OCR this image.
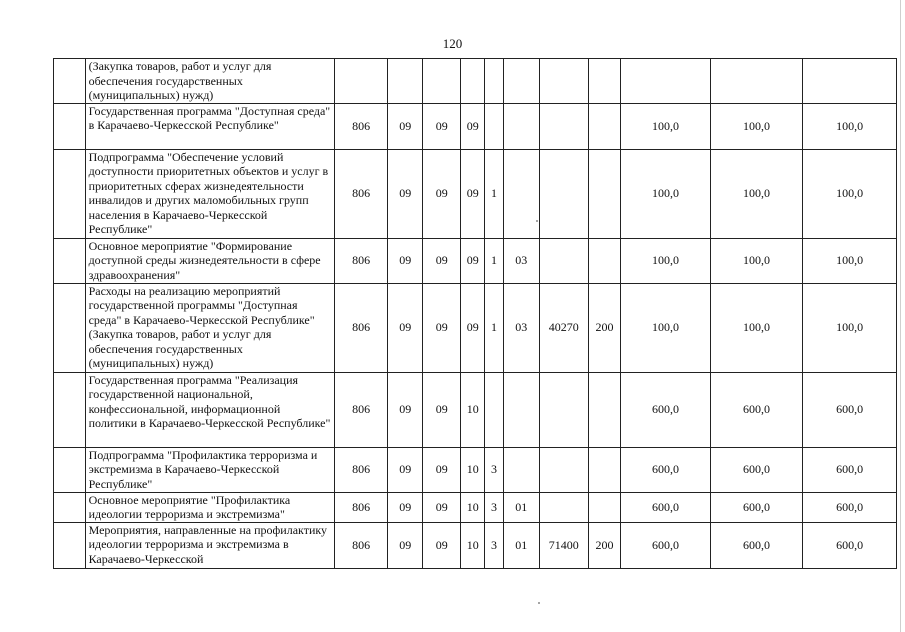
120
	(Закупка товаров, работ и услуг для обеспечения государственных (муниципальных) нужд)											
	Государственная программа "Доступная среда" в Карачаево-Черкесской Республике"	806	09	09	09					100,0	100,0	100,0
	Подпрограмма "Обеспечение условий доступности приоритетных объектов и услуг в приоритетных сферах жизнедеятельности инвалидов и других маломобильных групп населения в Карачаево-Черкесской Республике"	806	09	09	09	1				100,0	100,0	100,0
	Основное мероприятие "Формирование доступной среды жизнедеятельности в сфере здравоохранения"	806	09	09	09	1	03			100,0	100,0	100,0
	Расходы на реализацию мероприятий государственной программы "Доступная среда" в Карачаево-Черкесской Республике" (Закупка товаров, работ и услуг для обеспечения государственных (муниципальных) нужд)	806	09	09	09	1	03	40270	200	100,0	100,0	100,0
	Государственная программа "Реализация государственной национальной, конфессиональной, информационной политики в Карачаево-Черкесской Республике"	806	09	09	10					600,0	600,0	600,0
	Подпрограмма "Профилактика терроризма и экстремизма в Карачаево-Черкесской Республике"	806	09	09	10	3				600,0	600,0	600,0
	Основное мероприятие "Профилактика идеологии терроризма и экстремизма"	806	09	09	10	3	01			600,0	600,0	600,0
	Мероприятия, направленные на профилактику идеологии терроризма и экстремизма в Карачаево-Черкесской	806	09	09	10	3	01	71400	200	600,0	600,0	600,0
